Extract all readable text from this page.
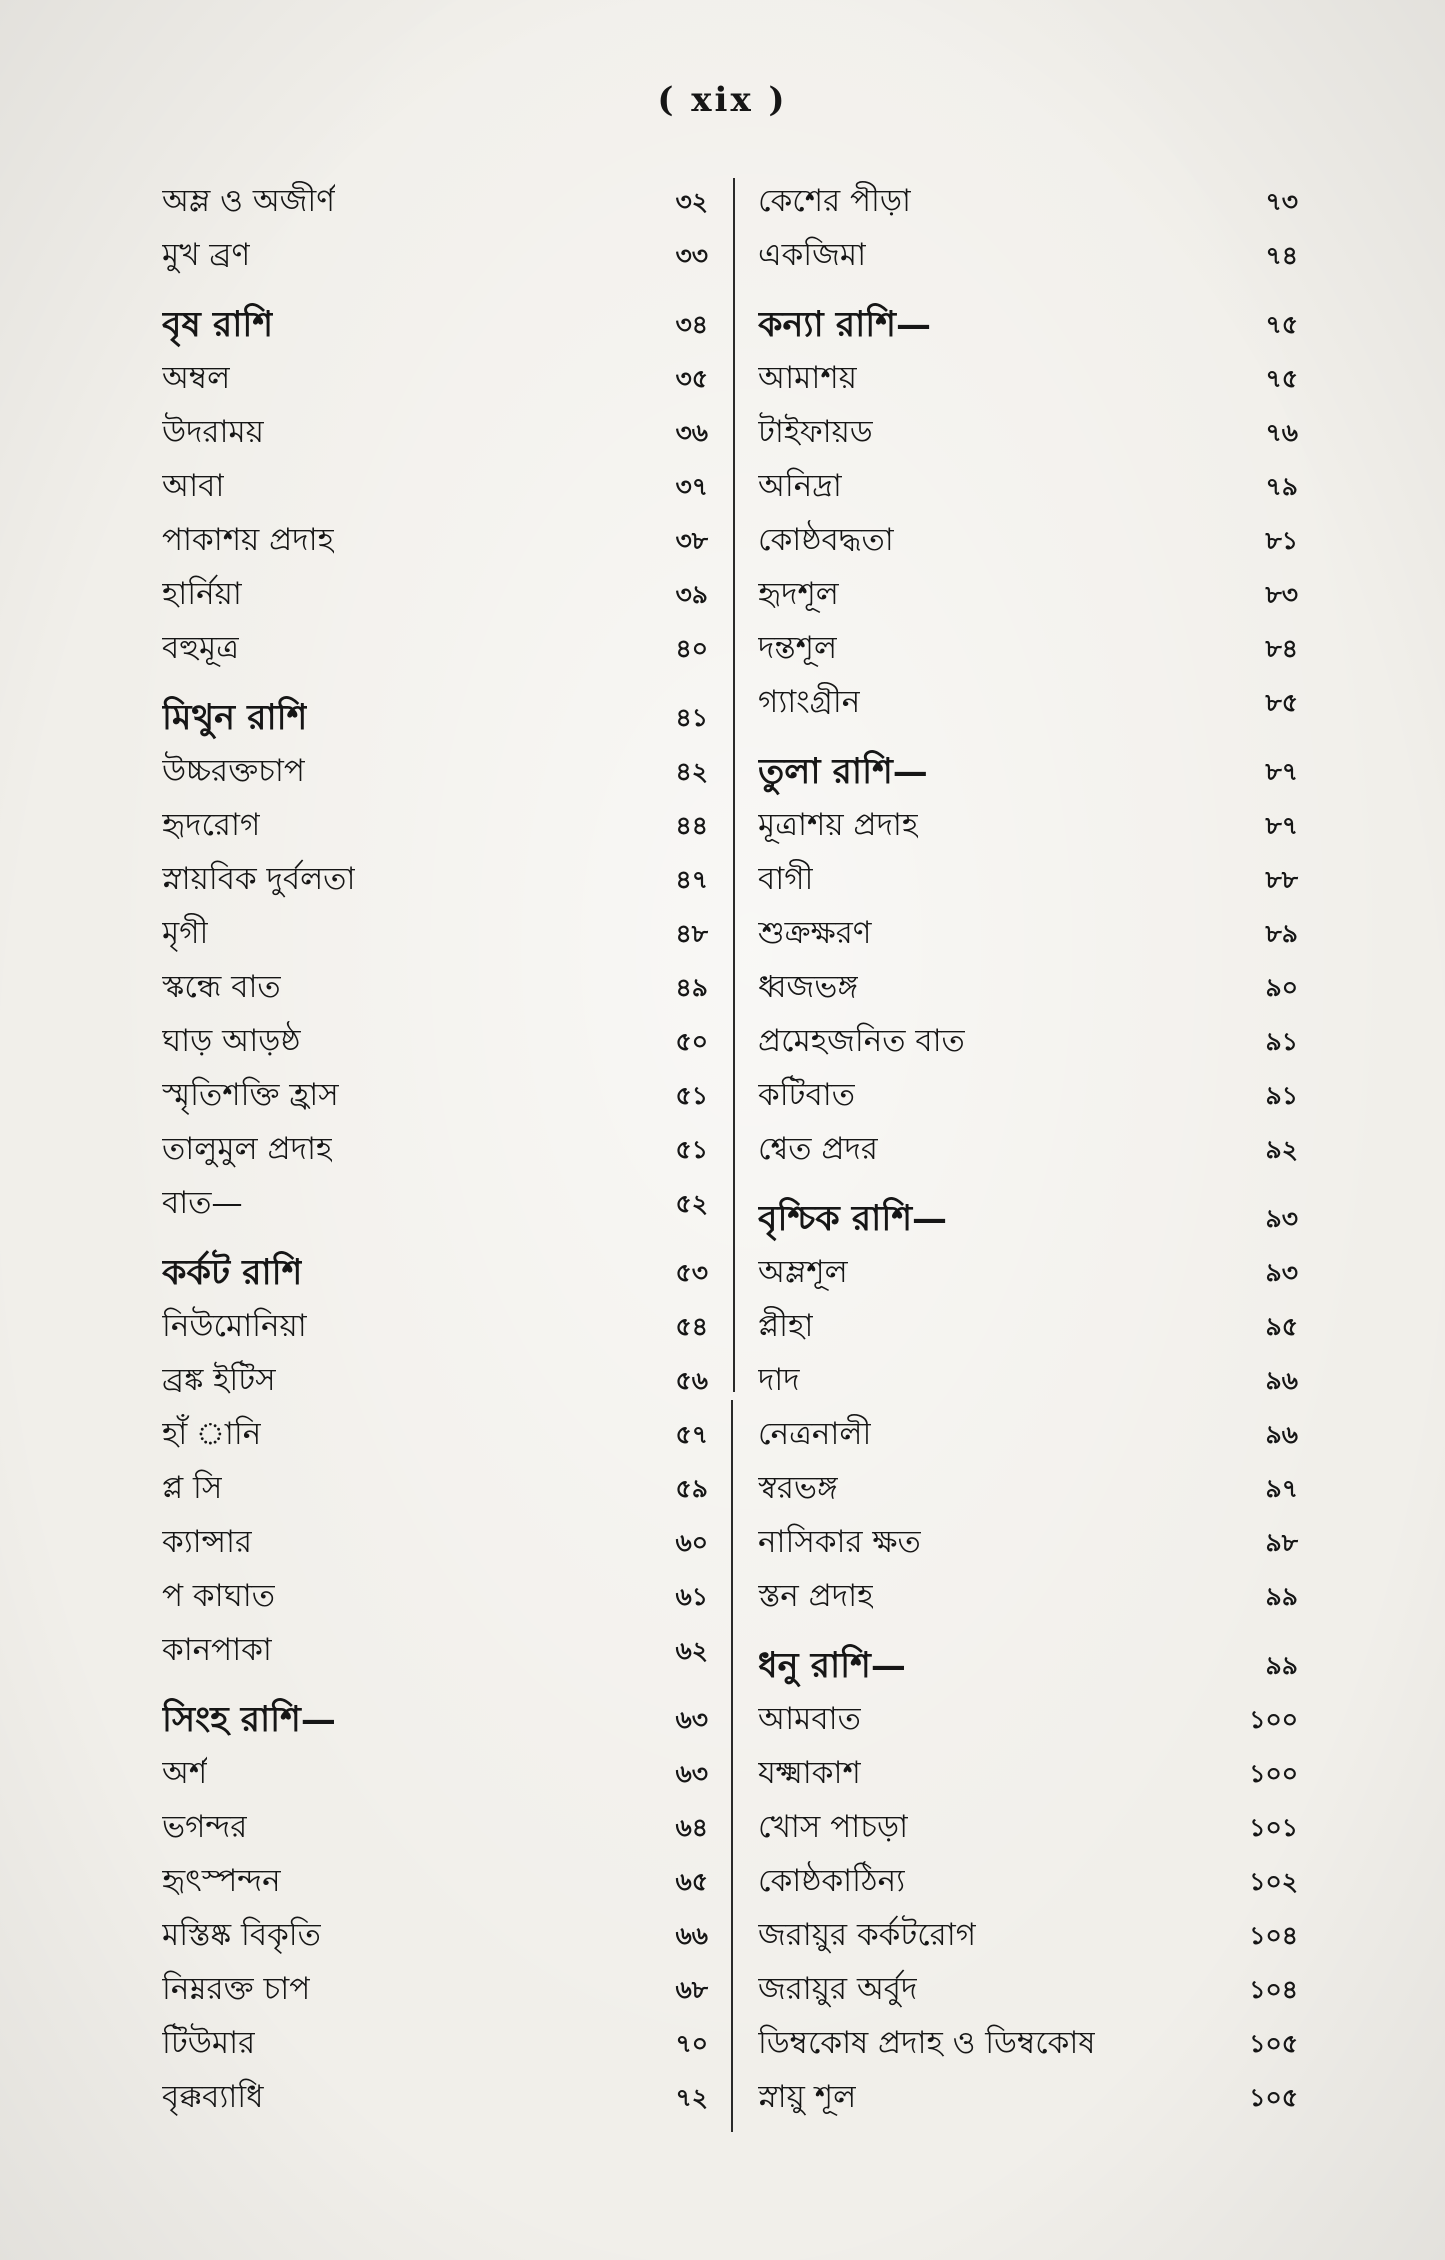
( xix )
অম্ল ও অজীর্ণ	৩২
মুখ ব্রণ	৩৩
বৃষ রাশি	৩৪
অম্বল	৩৫
উদরাময়	৩৬
আবা	৩৭
পাকাশয় প্রদাহ	৩৮
হার্নিয়া	৩৯
বহুমূত্র	৪০
মিথুন রাশি	৪১
উচ্চরক্তচাপ	৪২
হৃদরোগ	৪৪
স্নায়বিক দুর্বলতা	৪৭
মৃগী	৪৮
স্কন্ধে বাত	৪৯
ঘাড় আড়ষ্ঠ	৫০
স্মৃতিশক্তি হ্রাস	৫১
তালুমুল প্রদাহ	৫১
বাত—	৫২
কর্কট রাশি	৫৩
নিউমোনিয়া	৫৪
ব্রঙ্ক ইটিস	৫৬
হাঁ ানি	৫৭
প্ল সি	৫৯
ক্যান্সার	৬০
প কাঘাত	৬১
কানপাকা	৬২
সিংহ রাশি—	৬৩
অর্শ	৬৩
ভগন্দর	৬৪
হৃৎস্পন্দন	৬৫
মস্তিষ্ক বিকৃতি	৬৬
নিম্নরক্ত চাপ	৬৮
টিউমার	৭০
বৃক্কব্যাধি	৭২
কেশের পীড়া	৭৩
একজিমা	৭৪
কন্যা রাশি—	৭৫
আমাশয়	৭৫
টাইফায়ড	৭৬
অনিদ্রা	৭৯
কোষ্ঠবদ্ধতা	৮১
হৃদশূল	৮৩
দন্তশূল	৮৪
গ্যাংগ্রীন	৮৫
তুলা রাশি—	৮৭
মূত্রাশয় প্রদাহ	৮৭
বাগী	৮৮
শুক্রক্ষরণ	৮৯
ধ্বজভঙ্গ	৯০
প্রমেহজনিত বাত	৯১
কটিবাত	৯১
শ্বেত প্রদর	৯২
বৃশ্চিক রাশি—	৯৩
অম্লশূল	৯৩
প্লীহা	৯৫
দাদ	৯৬
নেত্রনালী	৯৬
স্বরভঙ্গ	৯৭
নাসিকার ক্ষত	৯৮
স্তন প্রদাহ	৯৯
ধনু রাশি—	৯৯
আমবাত	১০০
যক্ষ্মাকাশ	১০০
খোস পাচড়া	১০১
কোষ্ঠকাঠিন্য	১০২
জরায়ুর কর্কটরোগ	১০৪
জরায়ুর অর্বুদ	১০৪
ডিম্বকোষ প্রদাহ ও ডিম্বকোষ	১০৫
স্নায়ু শূল	১০৫
